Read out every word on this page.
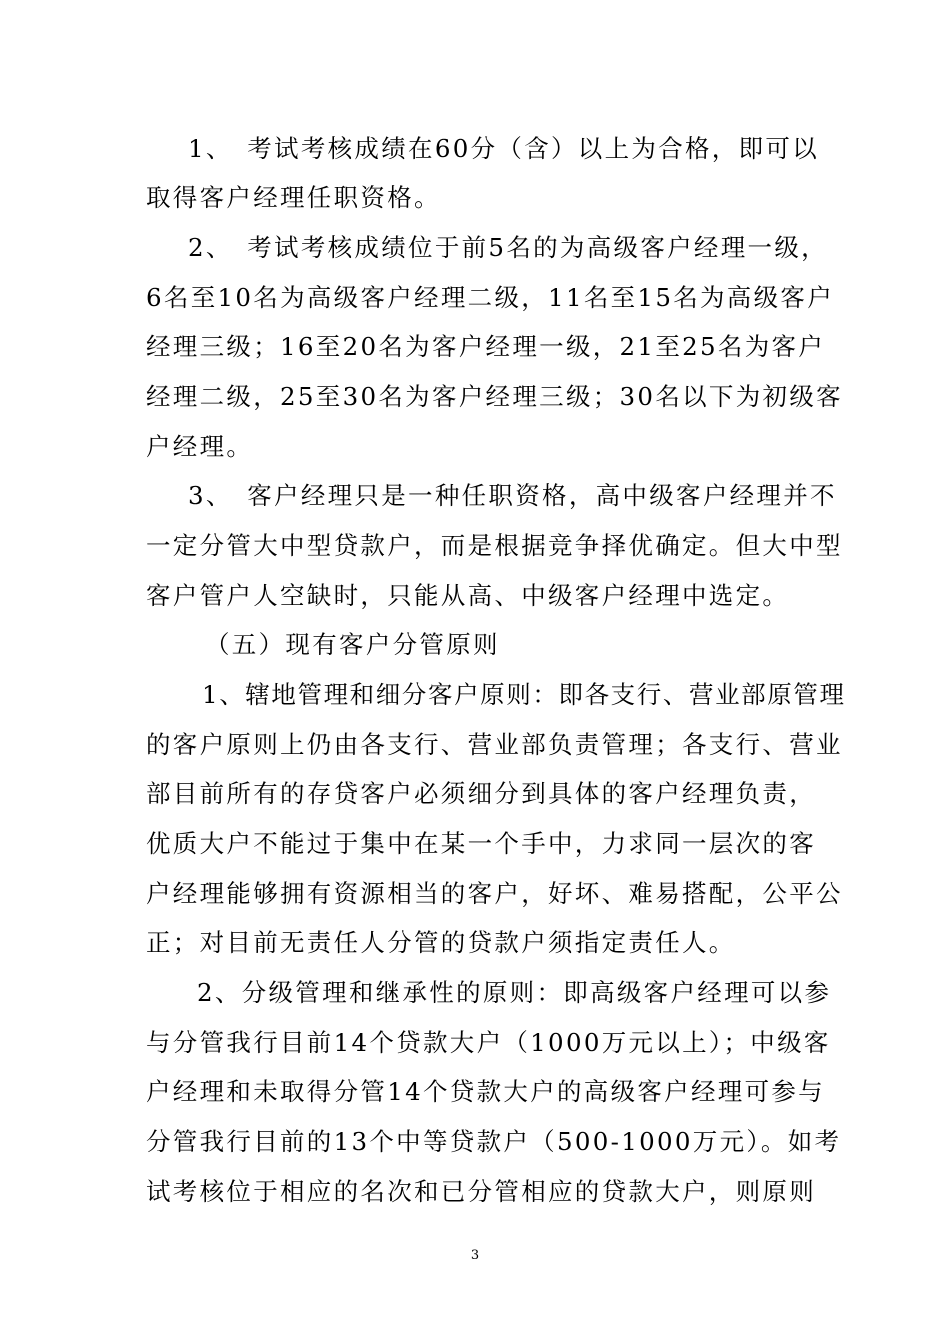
1、　考试考核成绩在60分（含）以上为合格，即可以
取得客户经理任职资格。
2、　考试考核成绩位于前5名的为高级客户经理一级，
6名至10名为高级客户经理二级，11名至15名为高级客户
经理三级；16至20名为客户经理一级，21至25名为客户
经理二级，25至30名为客户经理三级；30名以下为初级客
户经理。
3、　客户经理只是一种任职资格，高中级客户经理并不
一定分管大中型贷款户，而是根据竞争择优确定。但大中型
客户管户人空缺时，只能从高、中级客户经理中选定。
（五）现有客户分管原则
1、辖地管理和细分客户原则：即各支行、营业部原管理
的客户原则上仍由各支行、营业部负责管理；各支行、营业
部目前所有的存贷客户必须细分到具体的客户经理负责，
优质大户不能过于集中在某一个手中，力求同一层次的客
户经理能够拥有资源相当的客户，好坏、难易搭配，公平公
正；对目前无责任人分管的贷款户须指定责任人。
2、分级管理和继承性的原则：即高级客户经理可以参
与分管我行目前14个贷款大户（1000万元以上）；中级客
户经理和未取得分管14个贷款大户的高级客户经理可参与
分管我行目前的13个中等贷款户（500-1000万元）。如考
试考核位于相应的名次和已分管相应的贷款大户，则原则
3
